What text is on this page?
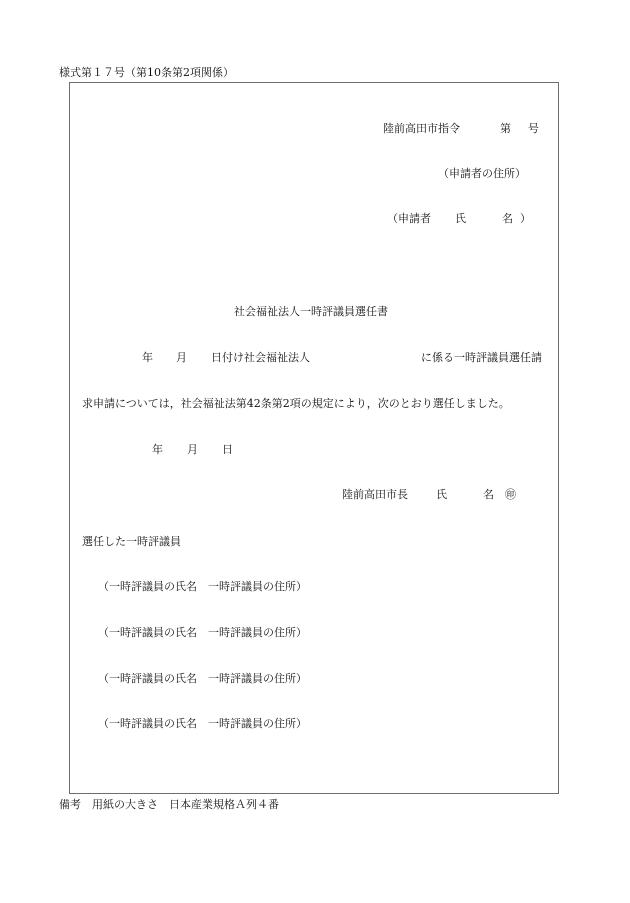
様式第１７号（第10条第2項関係）
陸前高田市指令	第 号
（申請者の住所）
（申請者 氏	名 ）
社会福祉法人一時評議員選任書
年 月 日付け社会福祉法人	に係る一時評議員選任請
求申請については，社会福祉法第42条第2項の規定により，次のとおり選任しました。
年 月 日
陸前高田市長	氏	名 ㊞
選任した一時評議員
（一時評議員の氏名 一時評議員の住所）
（一時評議員の氏名 一時評議員の住所）
（一時評議員の氏名 一時評議員の住所）
（一時評議員の氏名 一時評議員の住所）
備考　用紙の大きさ　日本産業規格Ａ列４番
